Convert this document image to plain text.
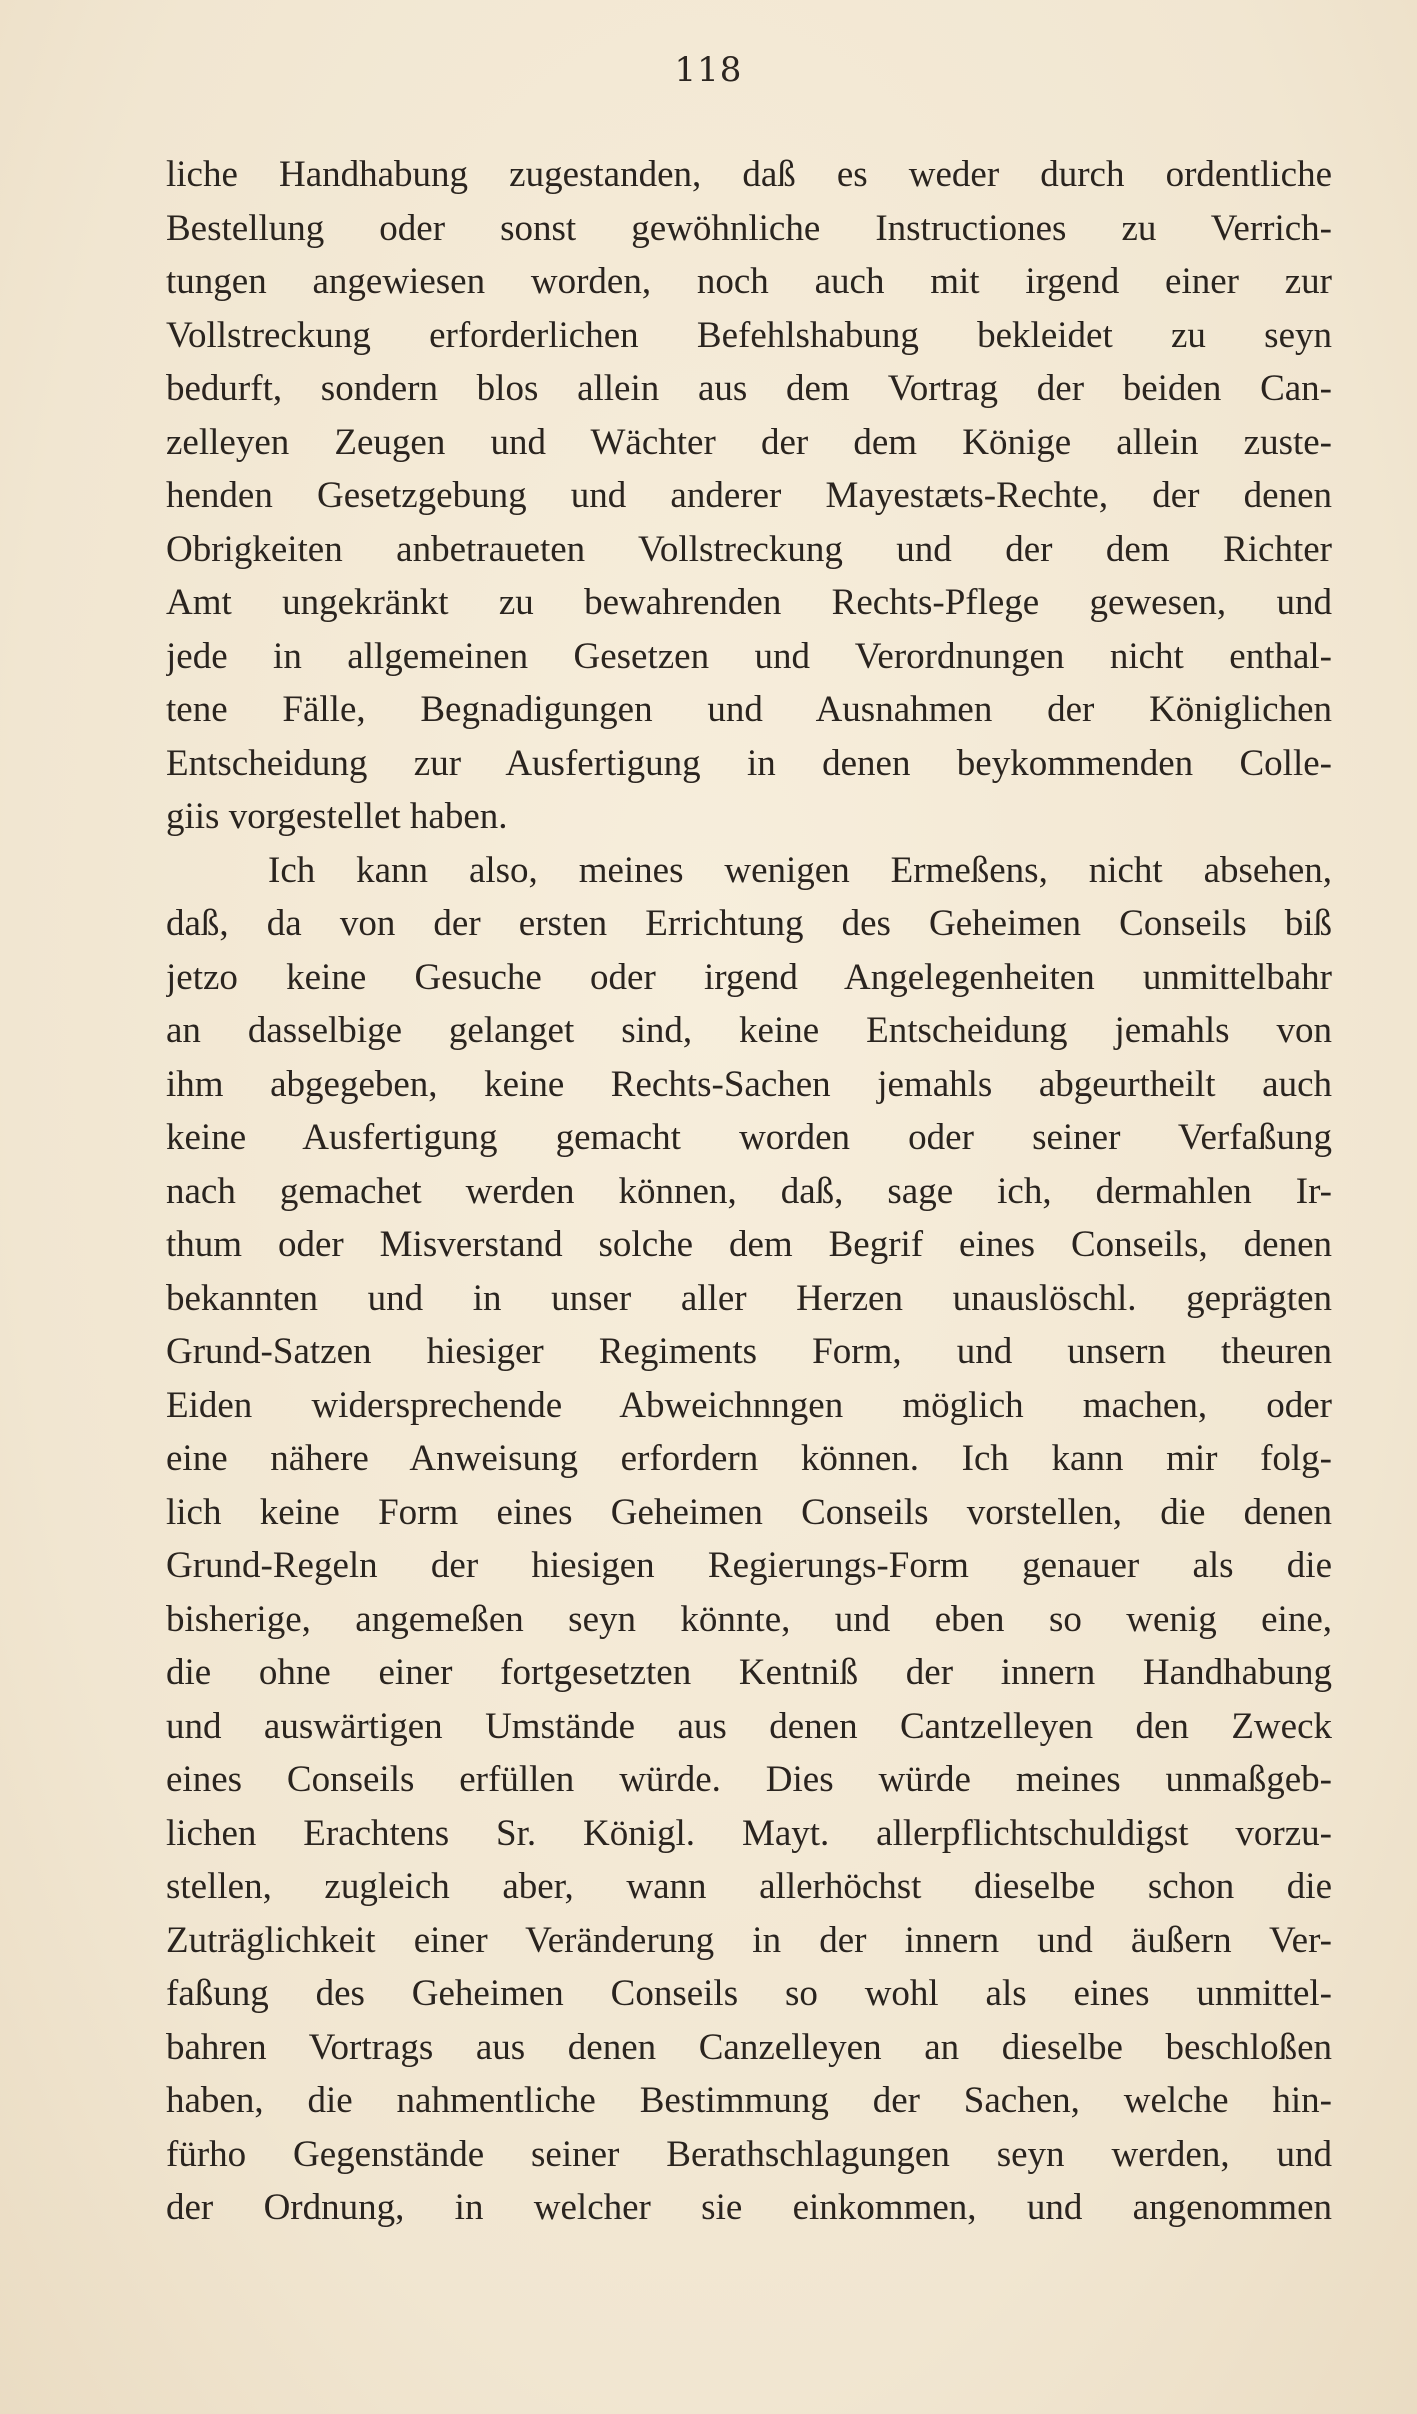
118
liche Handhabung zugestanden, daß es weder durch ordentliche
Bestellung oder sonst gewöhnliche Instructiones zu Verrich-
tungen angewiesen worden, noch auch mit irgend einer zur
Vollstreckung erforderlichen Befehlshabung bekleidet zu seyn
bedurft, sondern blos allein aus dem Vortrag der beiden Can-
zelleyen Zeugen und Wächter der dem Könige allein zuste-
henden Gesetzgebung und anderer Mayestæts-Rechte, der denen
Obrigkeiten anbetraueten Vollstreckung und der dem Richter
Amt ungekränkt zu bewahrenden Rechts-Pflege gewesen, und
jede in allgemeinen Gesetzen und Verordnungen nicht enthal-
tene Fälle, Begnadigungen und Ausnahmen der Königlichen
Entscheidung zur Ausfertigung in denen beykommenden Colle-
giis vorgestellet haben.
Ich kann also, meines wenigen Ermeßens, nicht absehen,
daß, da von der ersten Errichtung des Geheimen Conseils biß
jetzo keine Gesuche oder irgend Angelegenheiten unmittelbahr
an dasselbige gelanget sind, keine Entscheidung jemahls von
ihm abgegeben, keine Rechts-Sachen jemahls abgeurtheilt auch
keine Ausfertigung gemacht worden oder seiner Verfaßung
nach gemachet werden können, daß, sage ich, dermahlen Ir-
thum oder Misverstand solche dem Begrif eines Conseils, denen
bekannten und in unser aller Herzen unauslöschl. geprägten
Grund-Satzen hiesiger Regiments Form, und unsern theuren
Eiden widersprechende Abweichnngen möglich machen, oder
eine nähere Anweisung erfordern können. Ich kann mir folg-
lich keine Form eines Geheimen Conseils vorstellen, die denen
Grund-Regeln der hiesigen Regierungs-Form genauer als die
bisherige, angemeßen seyn könnte, und eben so wenig eine,
die ohne einer fortgesetzten Kentniß der innern Handhabung
und auswärtigen Umstände aus denen Cantzelleyen den Zweck
eines Conseils erfüllen würde. Dies würde meines unmaßgeb-
lichen Erachtens Sr. Königl. Mayt. allerpflichtschuldigst vorzu-
stellen, zugleich aber, wann allerhöchst dieselbe schon die
Zuträglichkeit einer Veränderung in der innern und äußern Ver-
faßung des Geheimen Conseils so wohl als eines unmittel-
bahren Vortrags aus denen Canzelleyen an dieselbe beschloßen
haben, die nahmentliche Bestimmung der Sachen, welche hin-
fürho Gegenstände seiner Berathschlagungen seyn werden, und
der Ordnung, in welcher sie einkommen, und angenommen
